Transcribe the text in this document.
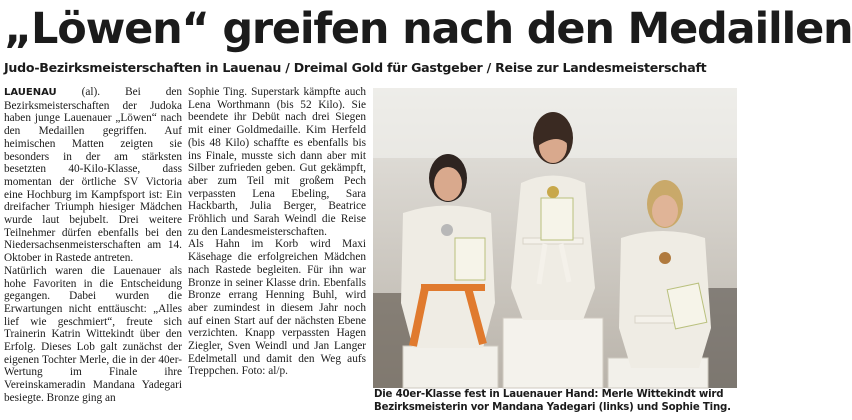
„Löwen“ greifen nach den Medaillen
Judo-Bezirksmeisterschaften in Lauenau / Dreimal Gold für Gastgeber / Reise zur Landesmeisterschaft

LAUENAU (al). Bei den Bezirksmeisterschaften der Judoka haben junge Lauenauer „Löwen“ nach den Medaillen gegriffen. Auf heimischen Matten zeigten sie besonders in der am stärksten besetzten 40-Kilo-Klasse, dass momentan der örtliche SV Victoria eine Hochburg im Kampfsport ist: Ein dreifacher Triumph hiesiger Mädchen wurde laut bejubelt. Drei weitere Teilnehmer dürfen ebenfalls bei den Niedersachsenmeisterschaften am 14. Oktober in Rastede antreten.

Natürlich waren die Lauenauer als hohe Favoriten in die Entscheidung gegangen. Dabei wurden die Erwartungen nicht enttäuscht: „Alles lief wie geschmiert“, freute sich Trainerin Katrin Wittekindt über den Erfolg. Dieses Lob galt zunächst der eigenen Tochter Merle, die in der 40er-Wertung im Finale ihre Vereinskameradin Mandana Yadegari besiegte. Bronze ging an

Sophie Ting. Superstark kämpfte auch Lena Worthmann (bis 52 Kilo). Sie beendete ihr Debüt nach drei Siegen mit einer Goldmedaille. Kim Herfeld (bis 48 Kilo) schaffte es ebenfalls bis ins Finale, musste sich dann aber mit Silber zufrieden geben. Gut gekämpft, aber zum Teil mit großem Pech verpassten Lena Ebeling, Sara Hackbarth, Julia Berger, Beatrice Fröhlich und Sarah Weindl die Reise zu den Landesmeisterschaften.

Als Hahn im Korb wird Maxi Käsehage die erfolgreichen Mädchen nach Rastede begleiten. Für ihn war Bronze in seiner Klasse drin. Ebenfalls Bronze errang Henning Buhl, wird aber zumindest in diesem Jahr noch auf einen Start auf der nächsten Ebene verzichten. Knapp verpassten Hagen Ziegler, Sven Weindl und Jan Langer Edelmetall und damit den Weg aufs Treppchen. Foto: al/p.

Die 40er-Klasse fest in Lauenauer Hand: Merle Wittekindt wird Bezirksmeisterin vor Mandana Yadegari (links) und Sophie Ting.
